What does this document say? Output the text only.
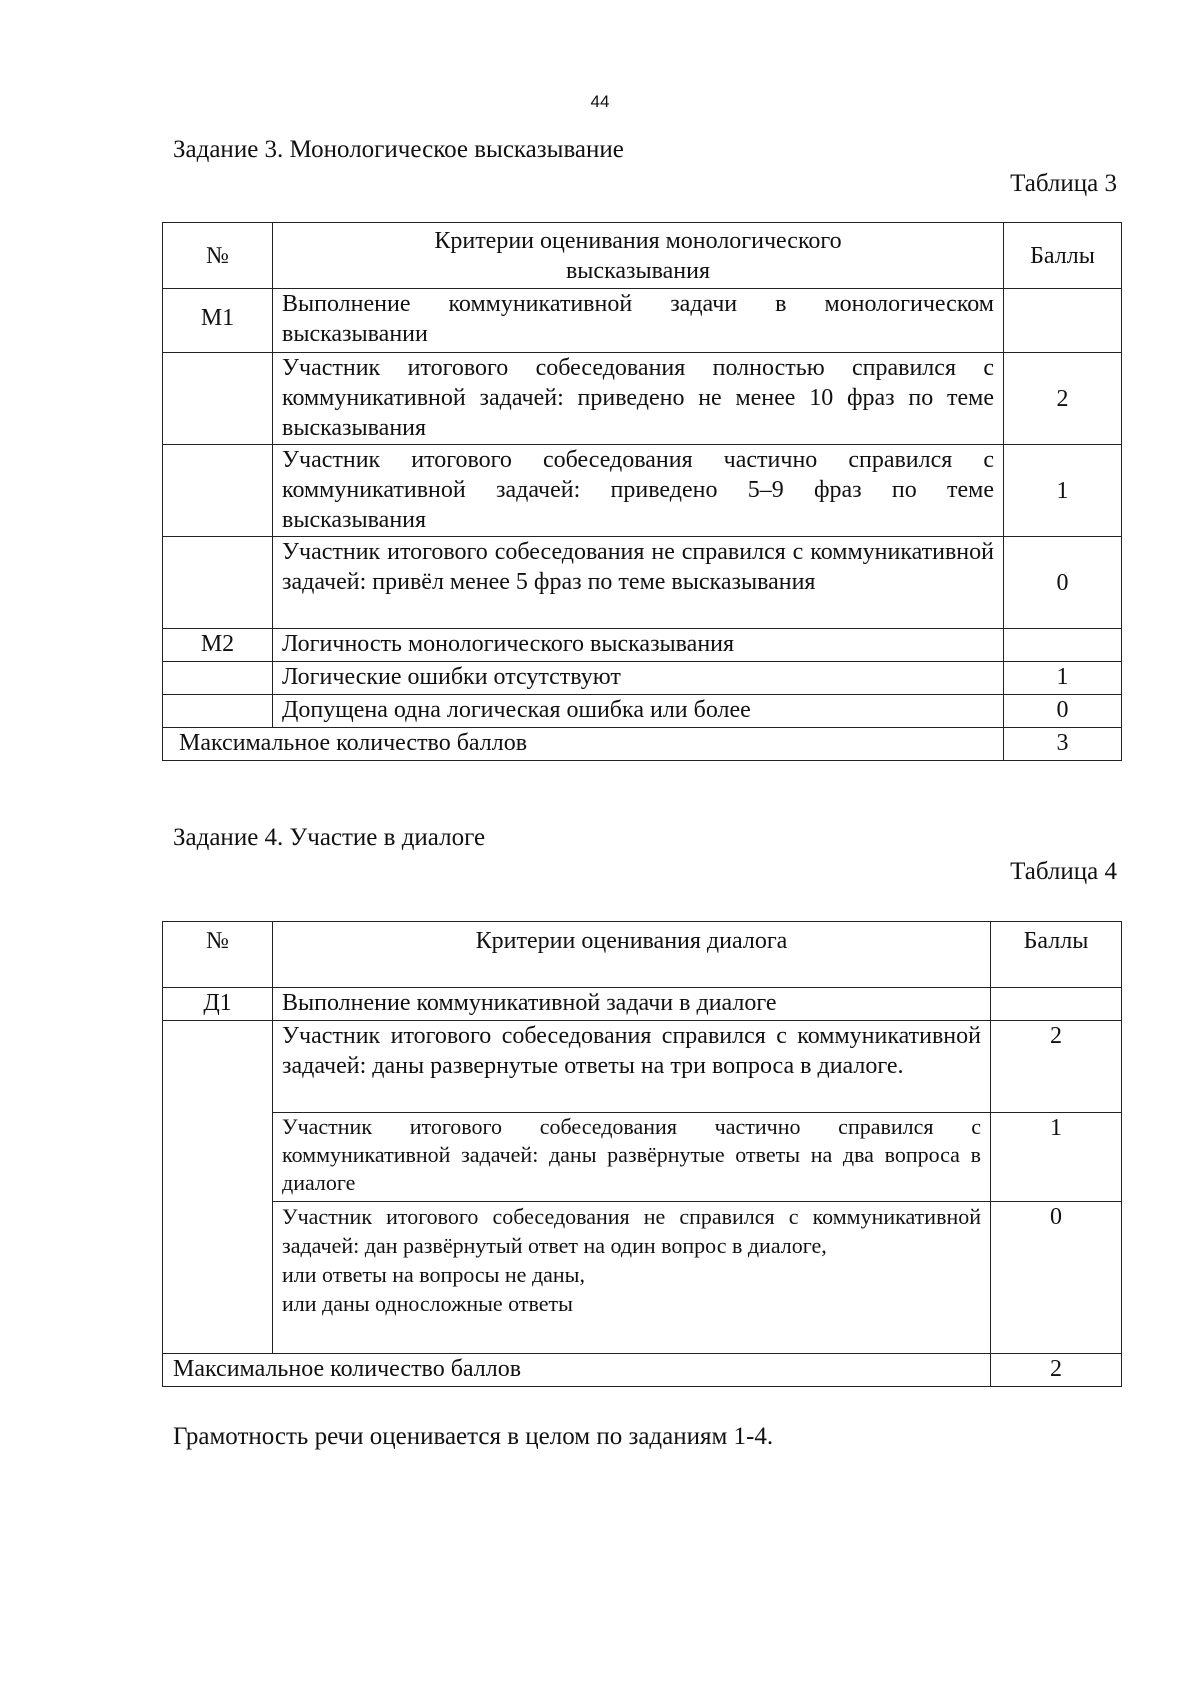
44
Задание 3. Монологическое высказывание
Таблица 3
№	Критерии оценивания монологического высказывания	Баллы
М1	Выполнение коммуникативной задачи в монологическом высказывании	
	Участник итогового собеседования полностью справился с коммуникативной задачей: приведено не менее 10 фраз по теме высказывания	2
	Участник итогового собеседования частично справился с коммуникативной задачей: приведено 5–9 фраз по теме высказывания	1
	Участник итогового собеседования не справился с коммуникативной задачей: привёл менее 5 фраз по теме высказывания	0
М2	Логичность монологического высказывания	
	Логические ошибки отсутствуют	1
	Допущена одна логическая ошибка или более	0
Максимальное количество баллов		3
Задание 4. Участие в диалоге
Таблица 4
№	Критерии оценивания диалога	Баллы
Д1	Выполнение коммуникативной задачи в диалоге	
	Участник итогового собеседования справился с коммуникативной задачей: даны развернутые ответы на три вопроса в диалоге.	2
	Участник итогового собеседования частично справился с коммуникативной задачей: даны развёрнутые ответы на два вопроса в диалоге	1

	Участник итогового собеседования не справился с коммуникативной задачей: дан развёрнутый ответ на один вопрос в диалоге,
или ответы на вопросы не даны,
или даны односложные ответы	0
Максимальное количество баллов		2
Грамотность речи оценивается в целом по заданиям 1-4.
